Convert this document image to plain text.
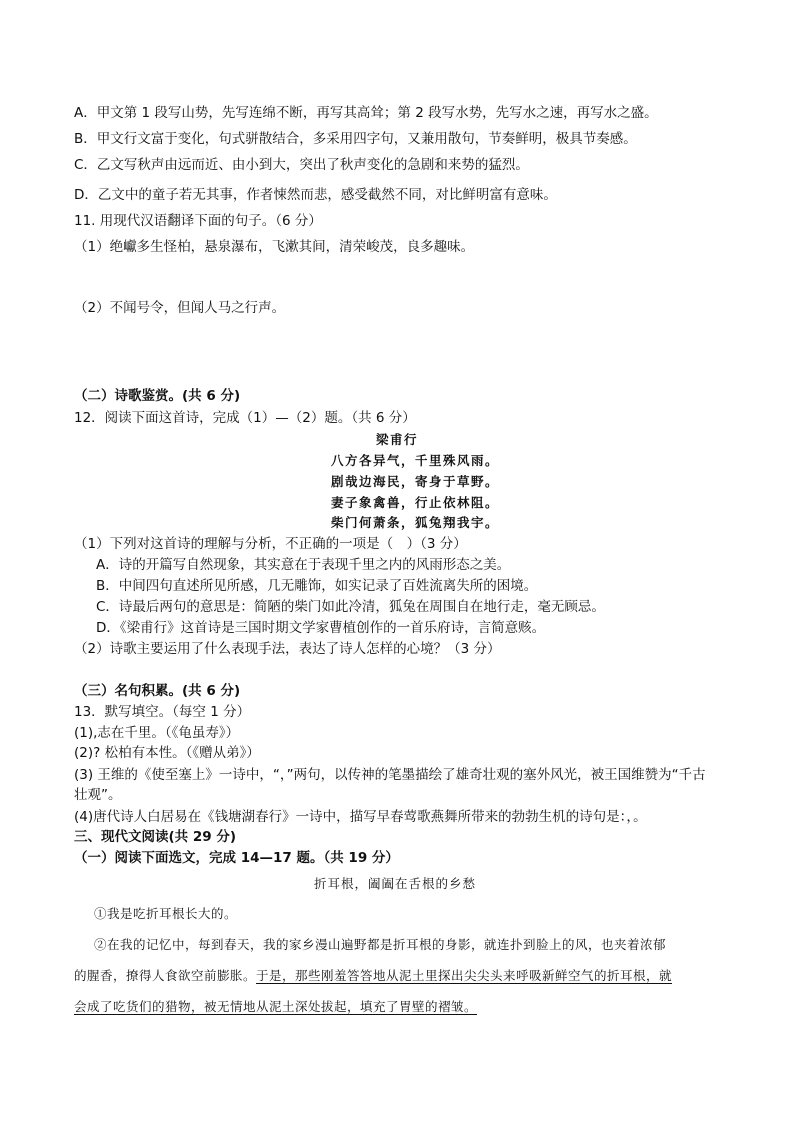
A．甲文第 1 段写山势，先写连绵不断，再写其高耸；第 2 段写水势，先写水之速，再写水之盛。
B．甲文行文富于变化，句式骈散结合，多采用四字句，又兼用散句，节奏鲜明，极具节奏感。
C．乙文写秋声由远而近、由小到大，突出了秋声变化的急剧和来势的猛烈。
D．乙文中的童子若无其事，作者悚然而悲，感受截然不同，对比鲜明富有意味。
11. 用现代汉语翻译下面的句子。（6 分）
（1）绝巘多生怪柏，悬泉瀑布，飞漱其间，清荣峻茂，良多趣味。
（2）不闻号令，但闻人马之行声。
（二）诗歌鉴赏。(共 6 分)
12．阅读下面这首诗，完成（1）—（2）题。（共 6 分）
梁甫行
八方各异气，千里殊风雨。
剧哉边海民，寄身于草野。
妻子象禽兽，行止依林阻。
柴门何萧条，狐兔翔我宇。
（1）下列对这首诗的理解与分析，不正确的一项是（　）（3 分）
A．诗的开篇写自然现象，其实意在于表现千里之内的风雨形态之美。
B．中间四句直述所见所感，几无雕饰，如实记录了百姓流离失所的困境。
C．诗最后两句的意思是：简陋的柴门如此冷清，狐兔在周围自在地行走，毫无顾忌。
D．《梁甫行》这首诗是三国时期文学家曹植创作的一首乐府诗，言简意赅。
（2）诗歌主要运用了什么表现手法，表达了诗人怎样的心境？（3 分）
（三）名句积累。(共 6 分)
13．默写填空。（每空 1 分）
(1),志在千里。（《龟虽寿》）
(2)? 松柏有本性。（《赠从弟》）
(3) 王维的《使至塞上》一诗中，“，”两句，以传神的笔墨描绘了雄奇壮观的塞外风光，被王国维赞为“千古
壮观”。
(4)唐代诗人白居易在《钱塘湖春行》一诗中，描写早春莺歌燕舞所带来的勃勃生机的诗句是：，。
三、现代文阅读(共 29 分)
（一）阅读下面选文，完成 14—17 题。（共 19 分）
折耳根，阖阖在舌根的乡愁
①我是吃折耳根长大的。
②在我的记忆中，每到春天，我的家乡漫山遍野都是折耳根的身影，就连扑到脸上的风，也夹着浓郁
的腥香，撩得人食欲空前膨胀。于是，那些刚羞答答地从泥土里探出尖尖头来呼吸新鲜空气的折耳根，就
会成了吃货们的猎物，被无情地从泥土深处拔起，填充了胃壁的褶皱。
